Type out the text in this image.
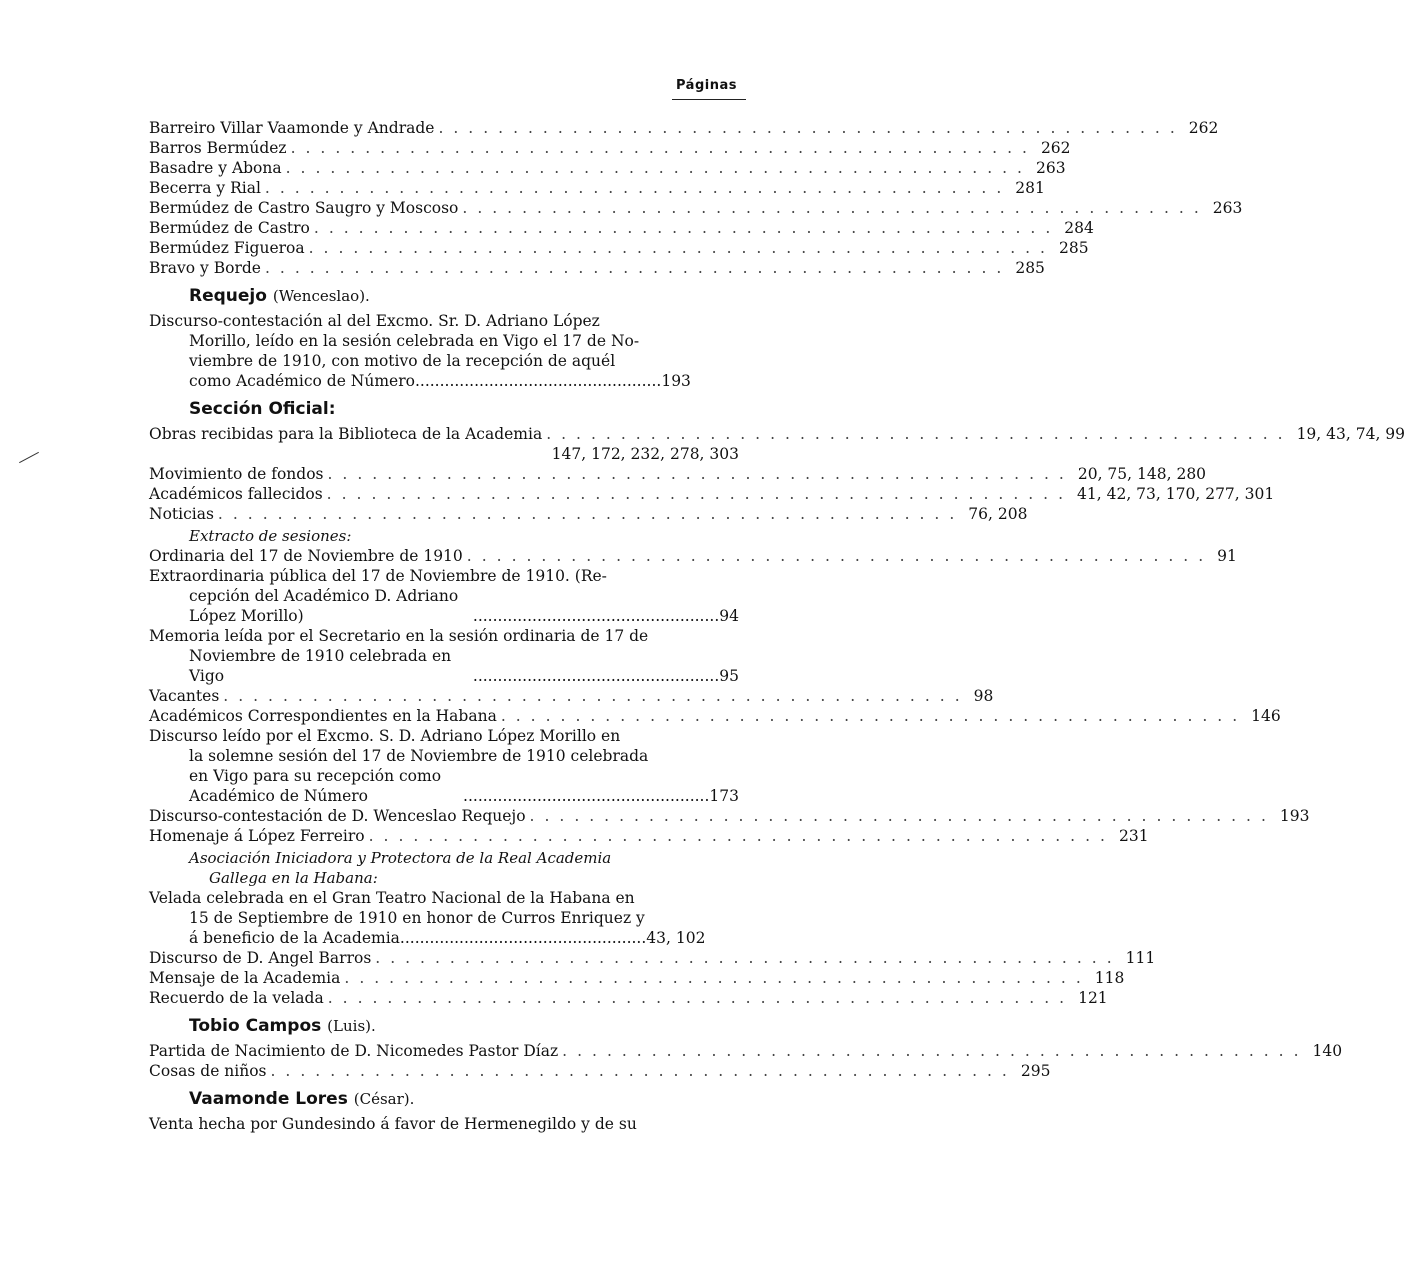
Páginas
Barreiro Villar Vaamonde y Andrade .................................................. 262
Barros Bermúdez .................................................. 262
Basadre y Abona .................................................. 263
Becerra y Rial .................................................. 281
Bermúdez de Castro Saugro y Moscoso .................................................. 263
Bermúdez de Castro .................................................. 284
Bermúdez Figueroa .................................................. 285
Bravo y Borde .................................................. 285
Requejo (Wenceslao).
Discurso-contestación al del Excmo. Sr. D. Adriano López
Morillo, leído en la sesión celebrada en Vigo el 17 de No-
viembre de 1910, con motivo de la recepción de aquél
como Académico de Número .................................................. 193
Sección Oficial:
Obras recibidas para la Biblioteca de la Academia .................................................. 19, 43, 74, 99
147, 172, 232, 278, 303
Movimiento de fondos .................................................. 20, 75, 148, 280
Académicos fallecidos .................................................. 41, 42, 73, 170, 277, 301
Noticias .................................................. 76, 208
Extracto de sesiones:
Ordinaria del 17 de Noviembre de 1910 .................................................. 91
Extraordinaria pública del 17 de Noviembre de 1910. (Re-
cepción del Académico D. Adriano López Morillo)	.................................................. 94
Memoria leída por el Secretario en la sesión ordinaria de 17 de
Noviembre de 1910 celebrada en Vigo	.................................................. 95
Vacantes .................................................. 98
Académicos Correspondientes en la Habana .................................................. 146
Discurso leído por el Excmo. S. D. Adriano López Morillo en
la solemne sesión del 17 de Noviembre de 1910 celebrada
en Vigo para su recepción como Académico de Número	.................................................. 173
Discurso-contestación de D. Wenceslao Requejo .................................................. 193
Homenaje á López Ferreiro .................................................. 231
Asociación Iniciadora y Protectora de la Real Academia
Gallega en la Habana:
Velada celebrada en el Gran Teatro Nacional de la Habana en
15 de Septiembre de 1910 en honor de Curros Enriquez y
á beneficio de la Academia .................................................. 43, 102
Discurso de D. Angel Barros .................................................. 111
Mensaje de la Academia .................................................. 118
Recuerdo de la velada .................................................. 121
Tobio Campos (Luis).
Partida de Nacimiento de D. Nicomedes Pastor Díaz .................................................. 140
Cosas de niños .................................................. 295
Vaamonde Lores (César).
Venta hecha por Gundesindo á favor de Hermenegildo y de su
